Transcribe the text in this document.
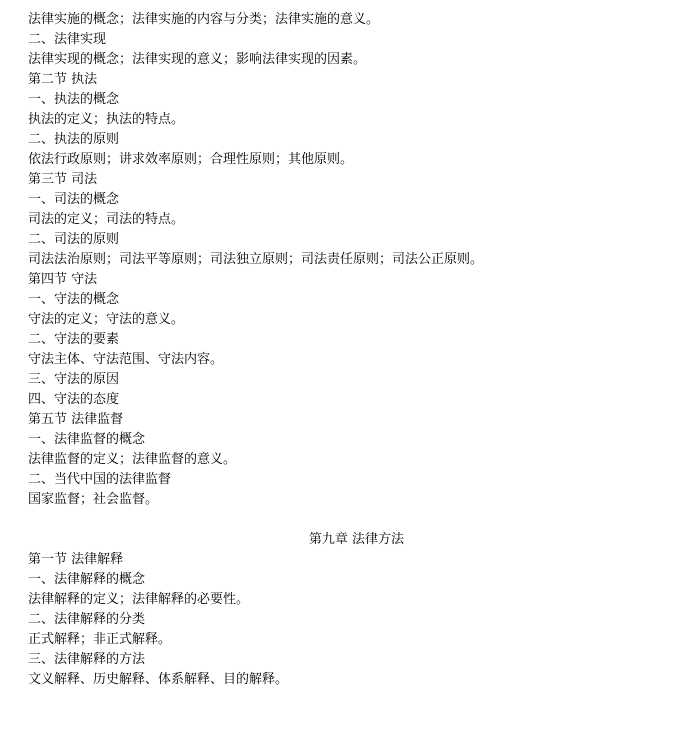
法律实施的概念；法律实施的内容与分类；法律实施的意义。
二、法律实现
法律实现的概念；法律实现的意义；影响法律实现的因素。
第二节 执法
一、执法的概念
执法的定义；执法的特点。
二、执法的原则
依法行政原则；讲求效率原则；合理性原则；其他原则。
第三节 司法
一、司法的概念
司法的定义；司法的特点。
二、司法的原则
司法法治原则；司法平等原则；司法独立原则；司法责任原则；司法公正原则。
第四节 守法
一、守法的概念
守法的定义；守法的意义。
二、守法的要素
守法主体、守法范围、守法内容。
三、守法的原因
四、守法的态度
第五节 法律监督
一、法律监督的概念
法律监督的定义；法律监督的意义。
二、当代中国的法律监督
国家监督；社会监督。
第九章 法律方法
第一节 法律解释
一、法律解释的概念
法律解释的定义；法律解释的必要性。
二、法律解释的分类
正式解释；非正式解释。
三、法律解释的方法
文义解释、历史解释、体系解释、目的解释。
